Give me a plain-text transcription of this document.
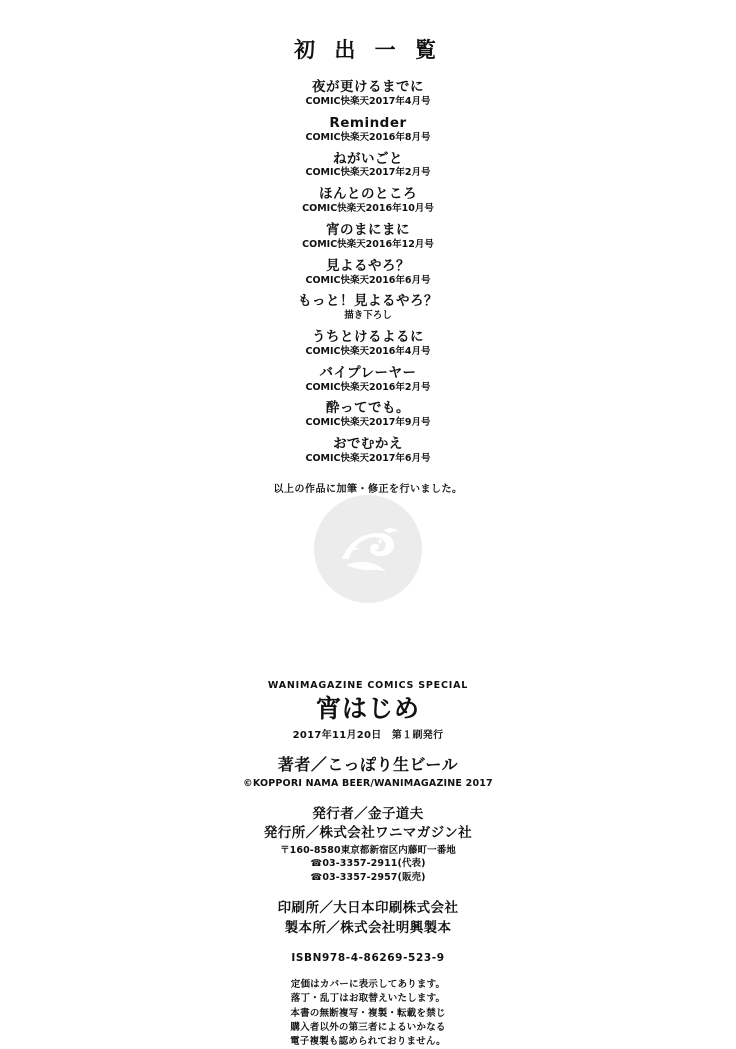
初 出 一 覧
夜が更けるまでに
COMIC快楽天2017年4月号
Reminder
COMIC快楽天2016年8月号
ねがいごと
COMIC快楽天2017年2月号
ほんとのところ
COMIC快楽天2016年10月号
宵のまにまに
COMIC快楽天2016年12月号
見よるやろ？
COMIC快楽天2016年6月号
もっと！見よるやろ？
描き下ろし
うちとけるよるに
COMIC快楽天2016年4月号
バイプレーヤー
COMIC快楽天2016年2月号
酔ってでも。
COMIC快楽天2017年9月号
おでむかえ
COMIC快楽天2017年6月号
以上の作品に加筆・修正を行いました。
WANIMAGAZINE COMICS SPECIAL
宵はじめ
2017年11月20日　第１刷発行
著者／こっぽり生ビール
©KOPPORI NAMA BEER/WANIMAGAZINE 2017
発行者／金子道夫
発行所／株式会社ワニマガジン社
〒160-8580東京都新宿区内藤町一番地
☎03-3357-2911(代表)
☎03-3357-2957(販売)
印刷所／大日本印刷株式会社
製本所／株式会社明興製本
ISBN978-4-86269-523-9
定価はカバーに表示してあります。
落丁・乱丁はお取替えいたします。
本書の無断複写・複製・転載を禁じ
購入者以外の第三者によるいかなる
電子複製も認められておりません。
